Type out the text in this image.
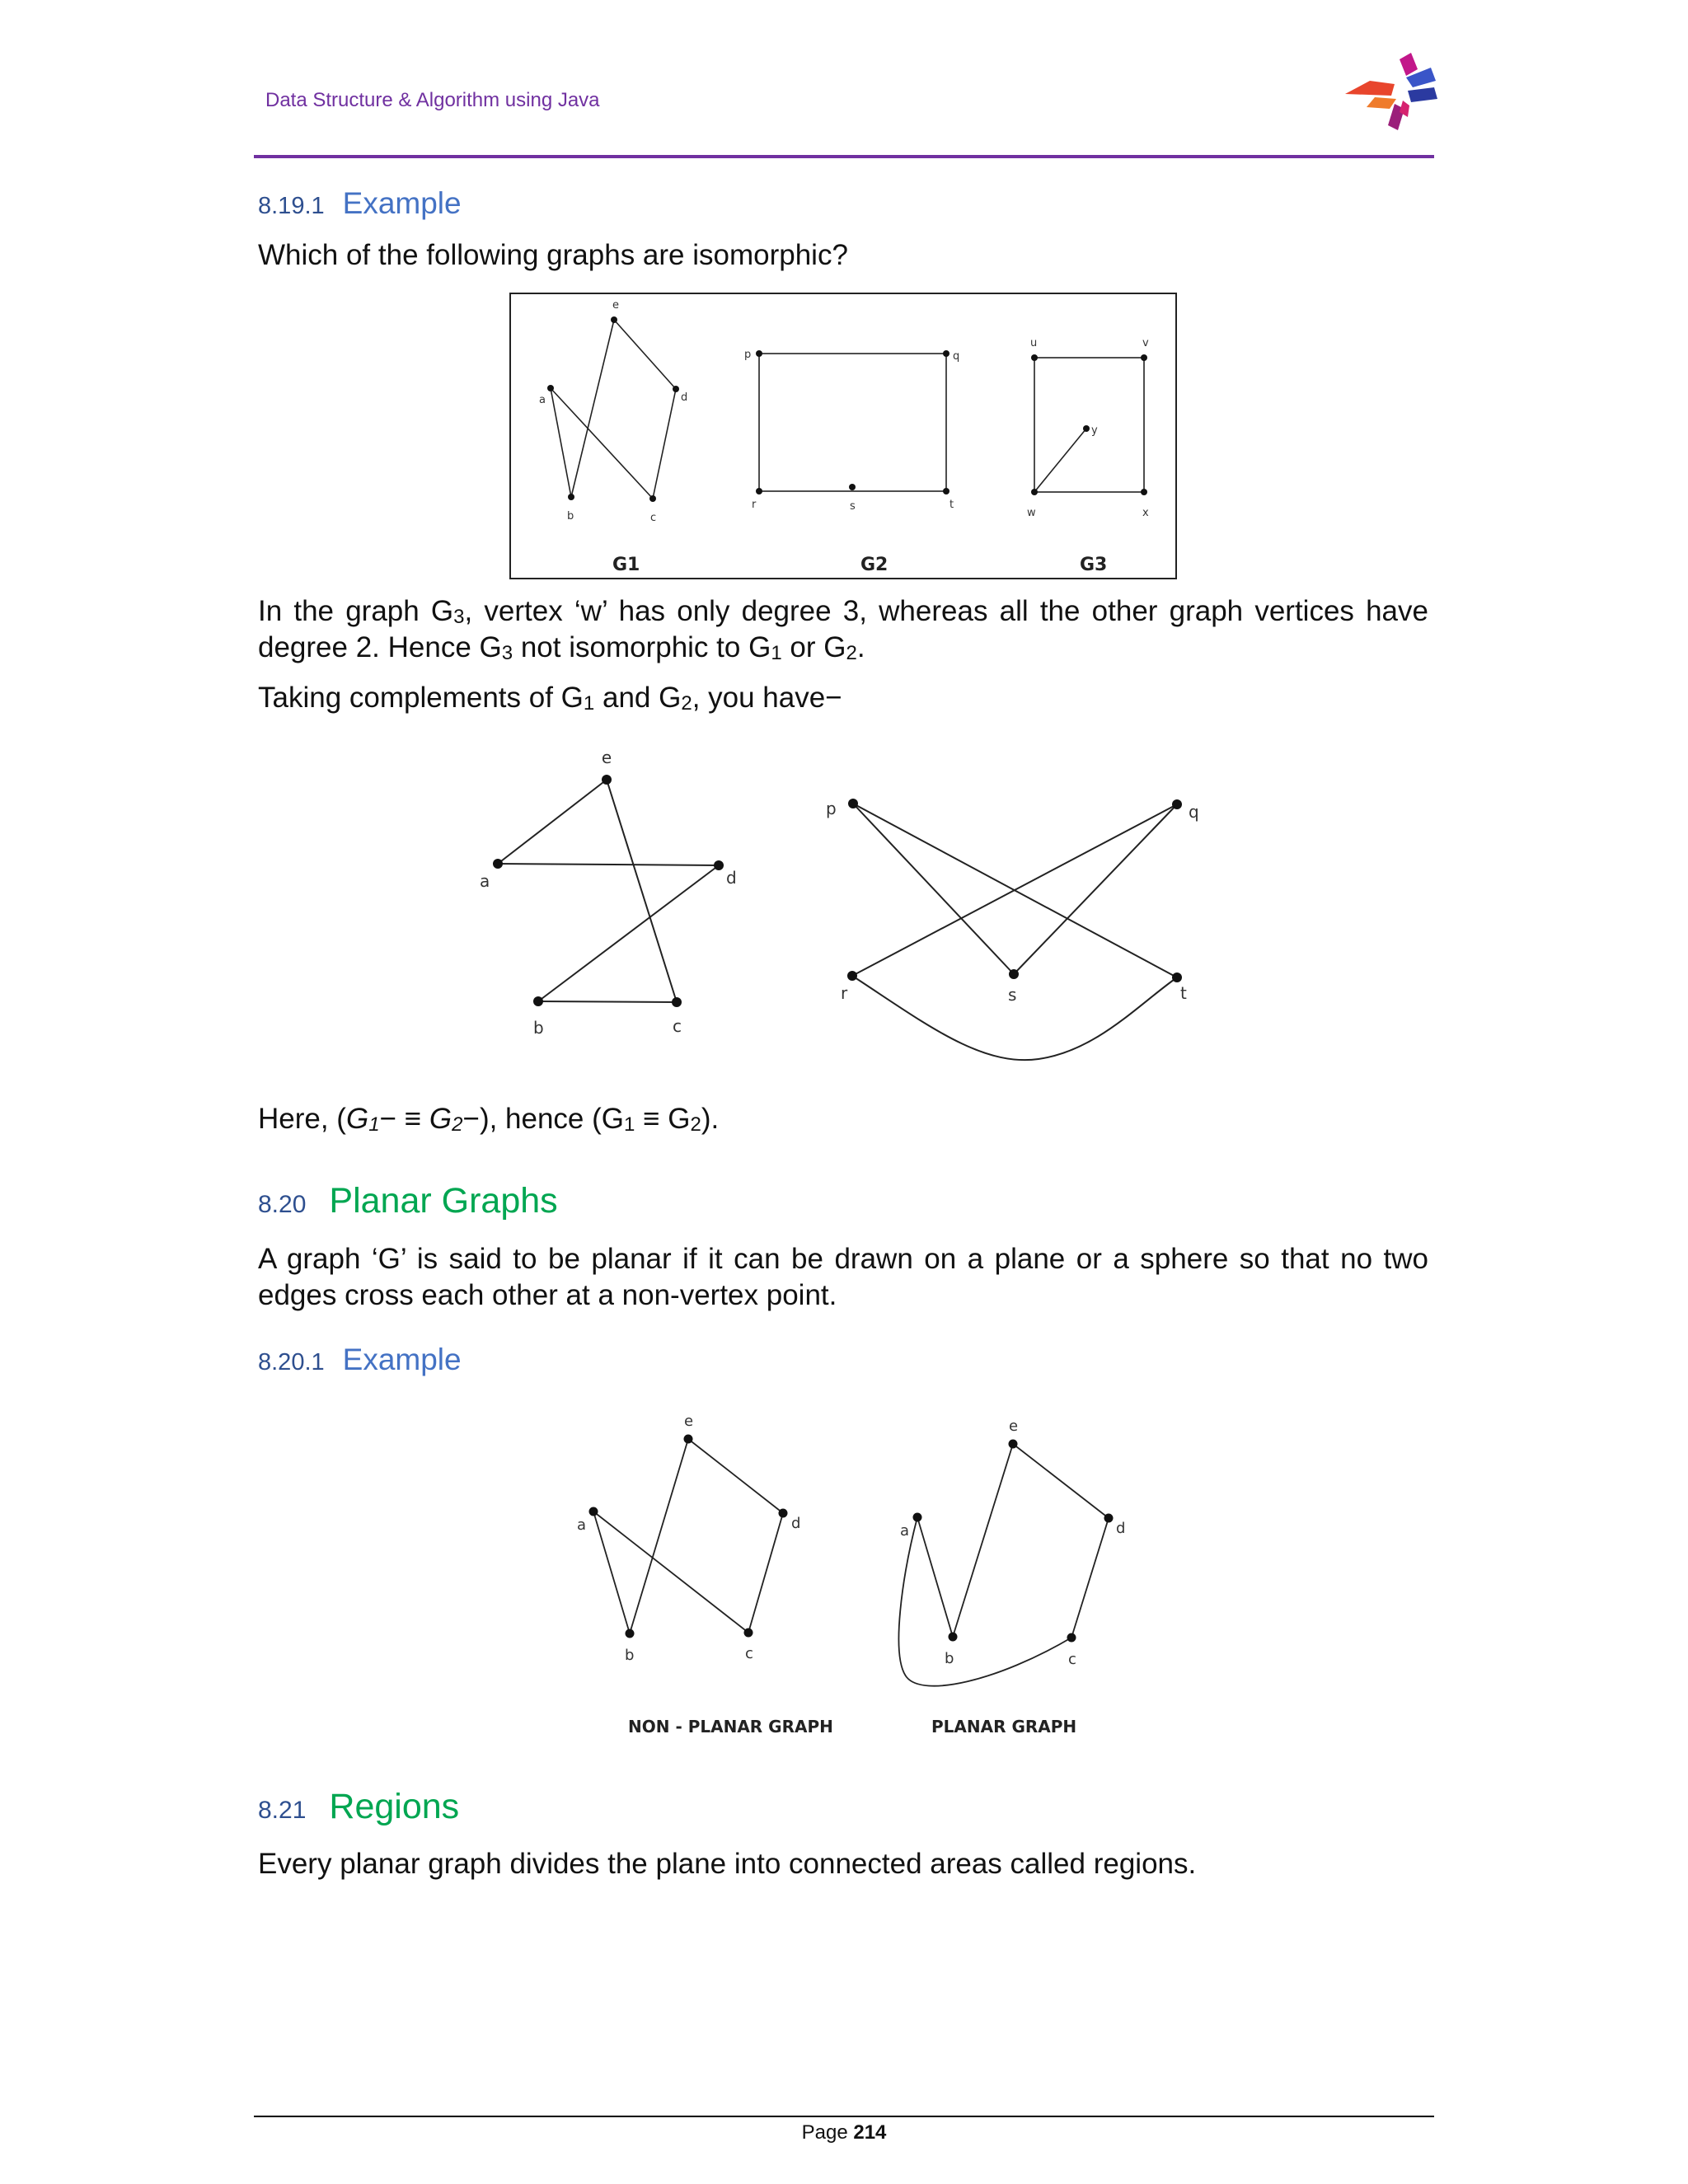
Data Structure & Algorithm using Java
8.19.1 Example
Which of the following graphs are isomorphic?
e
a	d
b	c
p	q
r	s	t
u	v
y
w	x
G1	G2	G3
In the graph $G_3$, vertex ‘w’ has only degree 3, whereas all the other graph vertices have degree 2. Hence $G_3$ not isomorphic to $G_1$ or $G_2$.
Taking complements of $G_1$ and $G_2$, you have−
e
a	d
b	c
p	q
r	s	t
Here, $(G_1- \equiv G_2-)$, hence $(G_1 \equiv G_2)$.
8.20 Planar Graphs
A graph ‘G’ is said to be planar if it can be drawn on a plane or a sphere so that no two edges cross each other at a non-vertex point.
8.20.1 Example
e
a	d
b	c
e
a	d
b	c
NON - PLANAR GRAPH	PLANAR GRAPH
8.21 Regions
Every planar graph divides the plane into connected areas called regions.
Page 214
